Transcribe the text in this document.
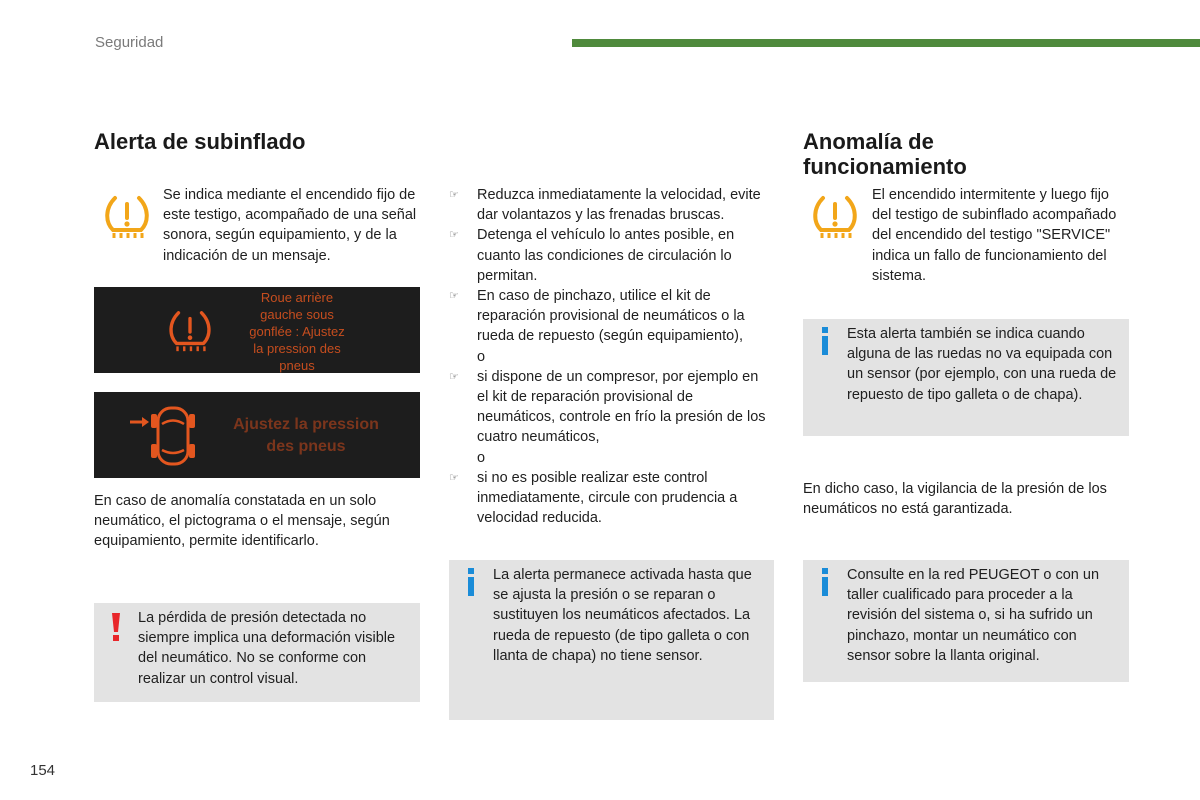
Seguridad
Alerta de subinflado
Se indica mediante el encendido fijo de este testigo, acompañado de una señal sonora, según equipamiento, y de la indicación de un mensaje.
Roue arrière
gauche sous
gonflée : Ajustez
la pression des
pneus
Ajustez la pression
des pneus
En caso de anomalía constatada en un solo neumático, el pictograma o el mensaje, según equipamiento, permite identificarlo.
La pérdida de presión detectada no siempre implica una deformación visible del neumático. No se conforme con realizar un control visual.
☞ Reduzca inmediatamente la velocidad, evite dar volantazos y las frenadas bruscas.
☞ Detenga el vehículo lo antes posible, en cuanto las condiciones de circulación lo permitan.
☞ En caso de pinchazo, utilice el kit de reparación provisional de neumáticos o la rueda de repuesto (según equipamiento),
o
☞ si dispone de un compresor, por ejemplo en el kit de reparación provisional de neumáticos, controle en frío la presión de los cuatro neumáticos,
o
☞ si no es posible realizar este control inmediatamente, circule con prudencia a velocidad reducida.
La alerta permanece activada hasta que se ajusta la presión o se reparan o sustituyen los neumáticos afectados. La rueda de repuesto (de tipo galleta o con llanta de chapa) no tiene sensor.
Anomalía de funcionamiento
El encendido intermitente y luego fijo del testigo de subinflado acompañado del encendido del testigo "SERVICE" indica un fallo de funcionamiento del sistema.
Esta alerta también se indica cuando alguna de las ruedas no va equipada con un sensor (por ejemplo, con una rueda de repuesto de tipo galleta o de chapa).
En dicho caso, la vigilancia de la presión de los neumáticos no está garantizada.
Consulte en la red PEUGEOT o con un taller cualificado para proceder a la revisión del sistema o, si ha sufrido un pinchazo, montar un neumático con sensor sobre la llanta original.
154
